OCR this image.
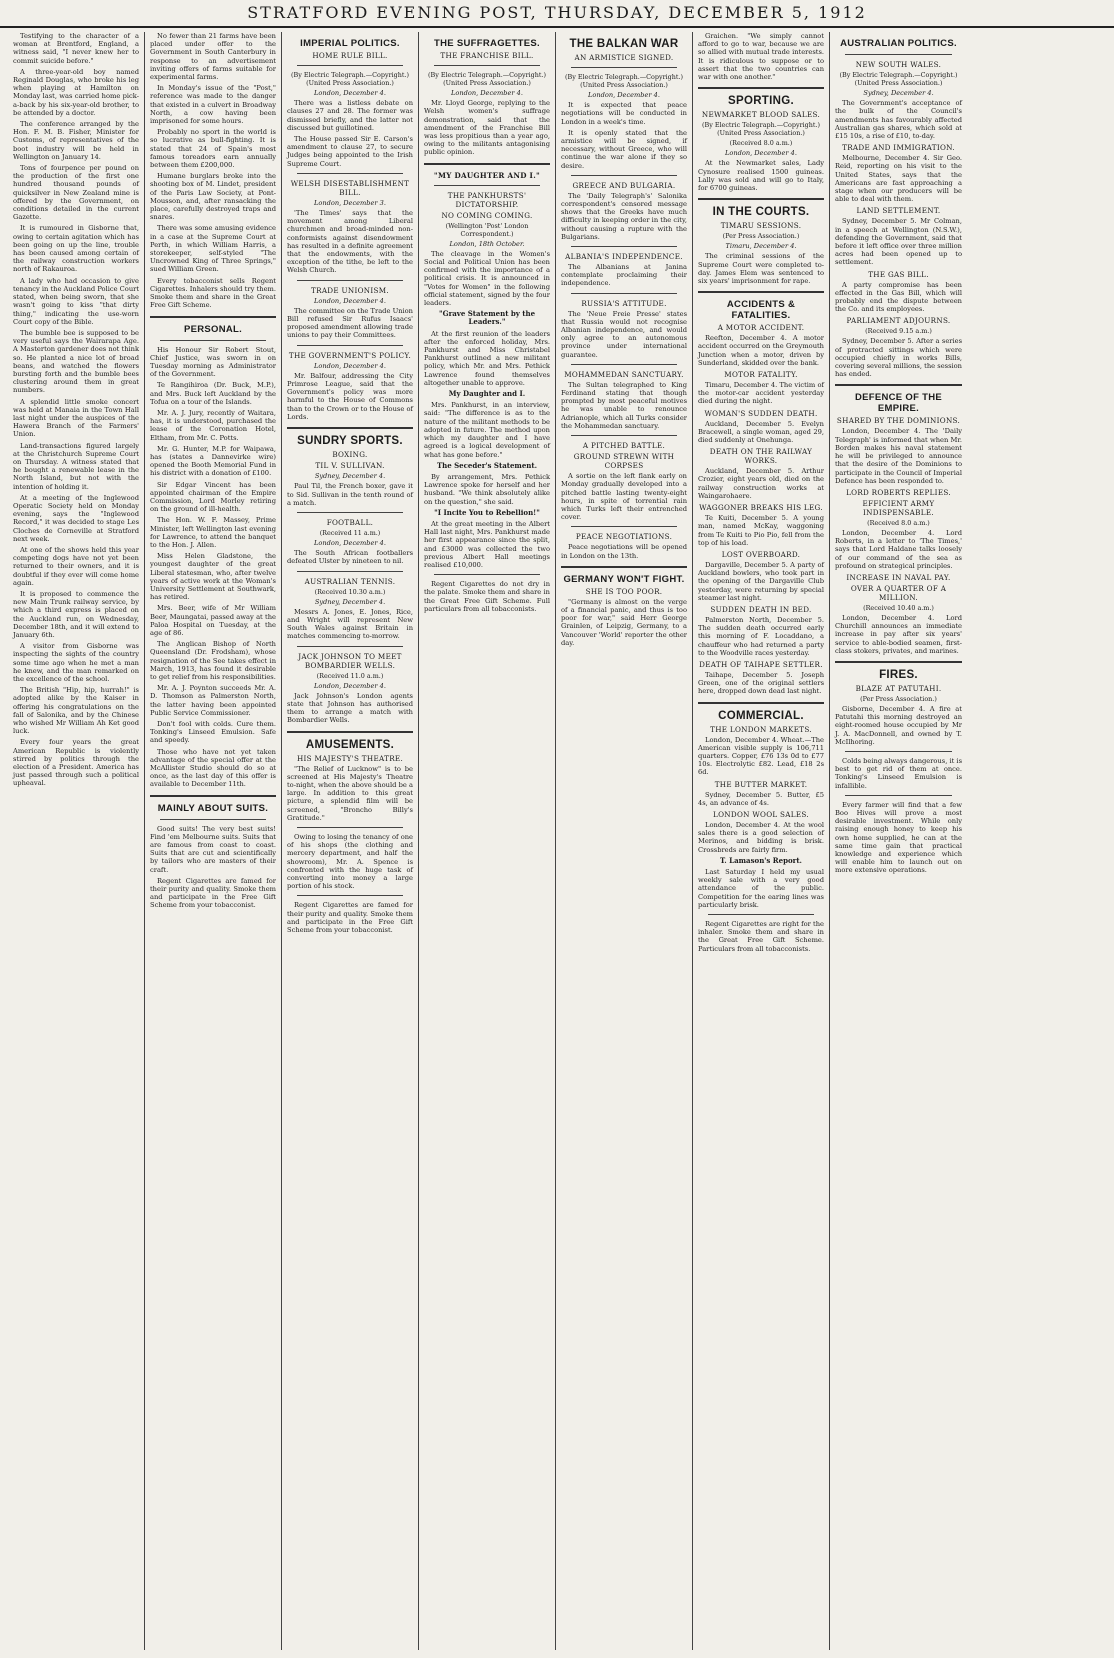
STRATFORD EVENING POST, THURSDAY, DECEMBER 5, 1912

Testifying to the character of a woman at Brentford, England, a witness said, "I never knew her to commit suicide before."

A three-year-old boy named Reginald Douglas, who broke his leg when playing at Hamilton on Monday last, was carried home pick-a-back by his six-year-old brother, to be attended by a doctor.

The conference arranged by the Hon. F. M. B. Fisher, Minister for Customs, of representatives of the boot industry will be held in Wellington on January 14.

Tons of fourpence per pound on the production of the first one hundred thousand pounds of quicksilver in New Zealand mine is offered by the Government, on conditions detailed in the current Gazette.

It is rumoured in Gisborne that, owing to certain agitation which has been going on up the line, trouble has been caused among certain of the railway construction workers north of Rakauroa.

A lady who had occasion to give tenancy in the Auckland Police Court stated, when being sworn, that she wasn't going to kiss "that dirty thing," indicating the use-worn Court copy of the Bible.

The bumble bee is supposed to be very useful says the Wairarapa Age. A Masterton gardener does not think so. He planted a nice lot of broad beans, and watched the flowers bursting forth and the bumble bees clustering around them in great numbers.

A splendid little smoke concert was held at Manaia in the Town Hall last night under the auspices of the Hawera Branch of the Farmers' Union.

Land-transactions figured largely at the Christchurch Supreme Court on Thursday. A witness stated that he bought a renewable lease in the North Island, but not with the intention of holding it.

At a meeting of the Inglewood Operatic Society held on Monday evening, says the "Inglewood Record," it was decided to stage Les Cloches de Corneville at Stratford next week.

At one of the shows held this year competing dogs have not yet been returned to their owners, and it is doubtful if they ever will come home again.

It is proposed to commence the new Main Trunk railway service, by which a third express is placed on the Auckland run, on Wednesday, December 18th, and it will extend to January 6th.

A visitor from Gisborne was inspecting the sights of the country some time ago when he met a man he knew, and the man remarked on the excellence of the school.

The British "Hip, hip, hurrah!" is adopted alike by the Kaiser in offering his congratulations on the fall of Salonika, and by the Chinese who wished Mr William Ah Ket good luck.

Every four years the great American Republic is violently stirred by politics through the election of a President. America has just passed through such a political upheaval.

No fewer than 21 farms have been placed under offer to the Government in South Canterbury in response to an advertisement inviting offers of farms suitable for experimental farms.

In Monday's issue of the "Post," reference was made to the danger that existed in a culvert in Broadway North, a cow having been imprisoned for some hours.

Probably no sport in the world is so lucrative as bull-fighting. It is stated that 24 of Spain's most famous toreadors earn annually between them £200,000.

Humane burglars broke into the shooting box of M. Lindet, president of the Paris Law Society, at Pont-Mousson, and, after ransacking the place, carefully destroyed traps and snares.

There was some amusing evidence in a case at the Supreme Court at Perth, in which William Harris, a storekeeper, self-styled "The Uncrowned King of Three Springs," sued William Green.

Every tobacconist sells Regent Cigarettes. Inhalers should try them. Smoke them and share in the Great Free Gift Scheme.

PERSONAL.

His Honour Sir Robert Stout, Chief Justice, was sworn in on Tuesday morning as Administrator of the Government.

Te Rangihiroa (Dr. Buck, M.P.), and Mrs. Buck left Auckland by the Tofua on a tour of the Islands.

Mr. A. J. Jury, recently of Waitara, has, it is understood, purchased the lease of the Coronation Hotel, Eltham, from Mr. C. Potts.

Mr. G. Hunter, M.P. for Waipawa, has (states a Dannevirke wire) opened the Booth Memorial Fund in his district with a donation of £100.

Sir Edgar Vincent has been appointed chairman of the Empire Commission, Lord Morley retiring on the ground of ill-health.

The Hon. W. F. Massey, Prime Minister, left Wellington last evening for Lawrence, to attend the banquet to the Hon. J. Allen.

Miss Helen Gladstone, the youngest daughter of the great Liberal statesman, who, after twelve years of active work at the Woman's University Settlement at Southwark, has retired.

Mrs. Beer, wife of Mr William Beer, Maungatai, passed away at the Paloa Hospital on Tuesday, at the age of 86.

The Anglican Bishop of North Queensland (Dr. Frodsham), whose resignation of the See takes effect in March, 1913, has found it desirable to get relief from his responsibilities.

Mr. A. J. Poynton succeeds Mr. A. D. Thomson as Palmerston North, the latter having been appointed Public Service Commissioner.

Don't fool with colds. Cure them. Tonking's Linseed Emulsion. Safe and speedy.

Those who have not yet taken advantage of the special offer at the McAllister Studio should do so at once, as the last day of this offer is available to December 11th.

MAINLY ABOUT SUITS.

Good suits! The very best suits! Find 'em Melbourne suits. Suits that are famous from coast to coast. Suits that are cut and scientifically by tailors who are masters of their craft.

Regent Cigarettes are famed for their purity and quality. Smoke them and participate in the Free Gift Scheme from your tobacconist.

IMPERIAL POLITICS.
HOME RULE BILL.
(By Electric Telegraph.—Copyright.) (United Press Association.)
London, December 4.

There was a listless debate on clauses 27 and 28. The former was dismissed briefly, and the latter not discussed but guillotined.

The House passed Sir E. Carson's amendment to clause 27, to secure Judges being appointed to the Irish Supreme Court.

WELSH DISESTABLISHMENT BILL.
London, December 3.

'The Times' says that the movement among Liberal churchmen and broad-minded non-conformists against disendowment has resulted in a definite agreement that the endowments, with the exception of the tithe, be left to the Welsh Church.

TRADE UNIONISM.
London, December 4.

The committee on the Trade Union Bill refused Sir Rufus Isaacs' proposed amendment allowing trade unions to pay their Committees.

THE GOVERNMENT'S POLICY.
London, December 4.

Mr. Balfour, addressing the City Primrose League, said that the Government's policy was more harmful to the House of Commons than to the Crown or to the House of Lords.

SUNDRY SPORTS.
BOXING.
TIL V. SULLIVAN.
Sydney, December 4.

Paul Til, the French boxer, gave it to Sid. Sullivan in the tenth round of a match.

FOOTBALL.
(Received 11 a.m.)
London, December 4.

The South African footballers defeated Ulster by nineteen to nil.

AUSTRALIAN TENNIS.
(Received 10.30 a.m.)
Sydney, December 4.

Messrs A. Jones, E. Jones, Rice, and Wright will represent New South Wales against Britain in matches commencing to-morrow.

JACK JOHNSON TO MEET BOMBARDIER WELLS.
(Received 11.0 a.m.)
London, December 4.

Jack Johnson's London agents state that Johnson has authorised them to arrange a match with Bombardier Wells.

AMUSEMENTS.
HIS MAJESTY'S THEATRE.

"The Relief of Lucknow" is to be screened at His Majesty's Theatre to-night, when the above should be a large. In addition to this great picture, a splendid film will be screened, "Broncho Billy's Gratitude."

Owing to losing the tenancy of one of his shops (the clothing and mercery department, and half the showroom), Mr. A. Spence is confronted with the huge task of converting into money a large portion of his stock.

Regent Cigarettes are famed for their purity and quality. Smoke them and participate in the Free Gift Scheme from your tobacconist.

THE SUFFRAGETTES.
THE FRANCHISE BILL.
(By Electric Telegraph.—Copyright.) (United Press Association.)
London, December 4.

Mr. Lloyd George, replying to the Welsh women's suffrage demonstration, said that the amendment of the Franchise Bill was less propitious than a year ago, owing to the militants antagonising public opinion.

"MY DAUGHTER AND I."
THE PANKHURSTS' DICTATORSHIP.
NO COMING COMING.
(Wellington 'Post' London Correspondent.)
London, 18th October.

The cleavage in the Women's Social and Political Union has been confirmed with the importance of a political crisis. It is announced in "Votes for Women" in the following official statement, signed by the four leaders.

"Grave Statement by the Leaders."

At the first reunion of the leaders after the enforced holiday, Mrs. Pankhurst and Miss Christabel Pankhurst outlined a new militant policy, which Mr. and Mrs. Pethick Lawrence found themselves altogether unable to approve.

My Daughter and I.

Mrs. Pankhurst, in an interview, said: "The difference is as to the nature of the militant methods to be adopted in future. The method upon which my daughter and I have agreed is a logical development of what has gone before."

The Seceder's Statement.

By arrangement, Mrs. Pethick Lawrence spoke for herself and her husband. "We think absolutely alike on the question," she said.

"I Incite You to Rebellion!"

At the great meeting in the Albert Hall last night, Mrs. Pankhurst made her first appearance since the split, and £3000 was collected the two previous Albert Hall meetings realised £10,000.

Regent Cigarettes do not dry in the palate. Smoke them and share in the Great Free Gift Scheme. Full particulars from all tobacconists.

THE BALKAN WAR
AN ARMISTICE SIGNED.
(By Electric Telegraph.—Copyright.) (United Press Association.)
London, December 4.

It is expected that peace negotiations will be conducted in London in a week's time.

It is openly stated that the armistice will be signed, if necessary, without Greece, who will continue the war alone if they so desire.

GREECE AND BULGARIA.

The 'Daily Telegraph's' Salonika correspondent's censored message shows that the Greeks have much difficulty in keeping order in the city, without causing a rupture with the Bulgarians.

ALBANIA'S INDEPENDENCE.

The Albanians at Janina contemplate proclaiming their independence.

RUSSIA'S ATTITUDE.

The 'Neue Freie Presse' states that Russia would not recognise Albanian independence, and would only agree to an autonomous province under international guarantee.

MOHAMMEDAN SANCTUARY.

The Sultan telegraphed to King Ferdinand stating that though prompted by most peaceful motives he was unable to renounce Adrianople, which all Turks consider the Mohammedan sanctuary.

A PITCHED BATTLE.
GROUND STREWN WITH CORPSES

A sortie on the left flank early on Monday gradually developed into a pitched battle lasting twenty-eight hours, in spite of torrential rain which Turks left their entrenched cover.

PEACE NEGOTIATIONS.

Peace negotiations will be opened in London on the 13th.

GERMANY WON'T FIGHT.
SHE IS TOO POOR.

"Germany is almost on the verge of a financial panic, and thus is too poor for war," said Herr George Grainlen, of Leipzig, Germany, to a Vancouver 'World' reporter the other day.

Graichen. "We simply cannot afford to go to war, because we are so allied with mutual trade interests. It is ridiculous to suppose or to assert that the two countries can war with one another."

SPORTING.
NEWMARKET BLOOD SALES.
(By Electric Telegraph.—Copyright.) (United Press Association.)
(Received 8.0 a.m.)
London, December 4.

At the Newmarket sales, Lady Cynosure realised 1500 guineas. Lally was sold and will go to Italy, for 6700 guineas.

IN THE COURTS.
TIMARU SESSIONS.
(Per Press Association.)
Timaru, December 4.

The criminal sessions of the Supreme Court were completed to-day. James Elem was sentenced to six years' imprisonment for rape.

ACCIDENTS & FATALITIES.
A MOTOR ACCIDENT.

Reefton, December 4. A motor accident occurred on the Greymouth Junction when a motor, driven by Sunderland, skidded over the bank.

MOTOR FATALITY.

Timaru, December 4. The victim of the motor-car accident yesterday died during the night.

WOMAN'S SUDDEN DEATH.

Auckland, December 5. Evelyn Bracewell, a single woman, aged 29, died suddenly at Onehunga.

DEATH ON THE RAILWAY WORKS.

Auckland, December 5. Arthur Crozier, eight years old, died on the railway construction works at Waingarohaere.

WAGGONER BREAKS HIS LEG.

Te Kuiti, December 5. A young man, named McKay, waggoning from Te Kuiti to Pio Pio, fell from the top of his load.

LOST OVERBOARD.

Dargaville, December 5. A party of Auckland bowlers, who took part in the opening of the Dargaville Club yesterday, were returning by special steamer last night.

SUDDEN DEATH IN BED.

Palmerston North, December 5. The sudden death occurred early this morning of F. Locaddano, a chauffeur who had returned a party to the Woodville races yesterday.

DEATH OF TAIHAPE SETTLER.

Taihape, December 5. Joseph Green, one of the original settlers here, dropped down dead last night.

COMMERCIAL.
THE LONDON MARKETS.

London, December 4. Wheat.—The American visible supply is 106,711 quarters. Copper, £76 13s 0d to £77 10s. Electrolytic £82. Lead, £18 2s 6d.

THE BUTTER MARKET.

Sydney, December 5. Butter, £5 4s, an advance of 4s.

LONDON WOOL SALES.

London, December 4. At the wool sales there is a good selection of Merinos, and bidding is brisk. Crossbreds are fairly firm.

T. Lamason's Report.

Last Saturday I held my usual weekly sale with a very good attendance of the public. Competition for the earing lines was particularly brisk.

Regent Cigarettes are right for the inhaler. Smoke them and share in the Great Free Gift Scheme. Particulars from all tobacconists.

AUSTRALIAN POLITICS.
NEW SOUTH WALES.
(By Electric Telegraph.—Copyright.) (United Press Association.)
Sydney, December 4.

The Government's acceptance of the bulk of the Council's amendments has favourably affected Australian gas shares, which sold at £15 10s, a rise of £10, to-day.

TRADE AND IMMIGRATION.

Melbourne, December 4. Sir Geo. Reid, reporting on his visit to the United States, says that the Americans are fast approaching a stage when our producers will be able to deal with them.

LAND SETTLEMENT.

Sydney, December 5. Mr Colman, in a speech at Wellington (N.S.W.), defending the Government, said that before it left office over three million acres had been opened up to settlement.

THE GAS BILL.

A party compromise has been effected in the Gas Bill, which will probably end the dispute between the Co. and its employees.

PARLIAMENT ADJOURNS.
(Received 9.15 a.m.)

Sydney, December 5. After a series of protracted sittings which were occupied chiefly in works Bills, covering several millions, the session has ended.

DEFENCE OF THE EMPIRE.
SHARED BY THE DOMINIONS.

London, December 4. The 'Daily Telegraph' is informed that when Mr. Borden makes his naval statement he will be privileged to announce that the desire of the Dominions to participate in the Council of Imperial Defence has been responded to.

LORD ROBERTS REPLIES.
EFFICIENT ARMY INDISPENSABLE.
(Received 8.0 a.m.)

London, December 4. Lord Roberts, in a letter to 'The Times,' says that Lord Haldane talks loosely of our command of the sea as profound on strategical principles.

INCREASE IN NAVAL PAY.
OVER A QUARTER OF A MILLION.
(Received 10.40 a.m.)

London, December 4. Lord Churchill announces an immediate increase in pay after six years' service to able-bodied seamen, first-class stokers, privates, and marines.

FIRES.
BLAZE AT PATUTAHI.
(Per Press Association.)

Gisborne, December 4. A fire at Patutahi this morning destroyed an eight-roomed house occupied by Mr J. A. MacDonnell, and owned by T. McIlhoring.

Colds being always dangerous, it is best to get rid of them at once. Tonking's Linseed Emulsion is infallible.

Every farmer will find that a few Boo Hives will prove a most desirable investment. While only raising enough honey to keep his own home supplied, he can at the same time gain that practical knowledge and experience which will enable him to launch out on more extensive operations.
